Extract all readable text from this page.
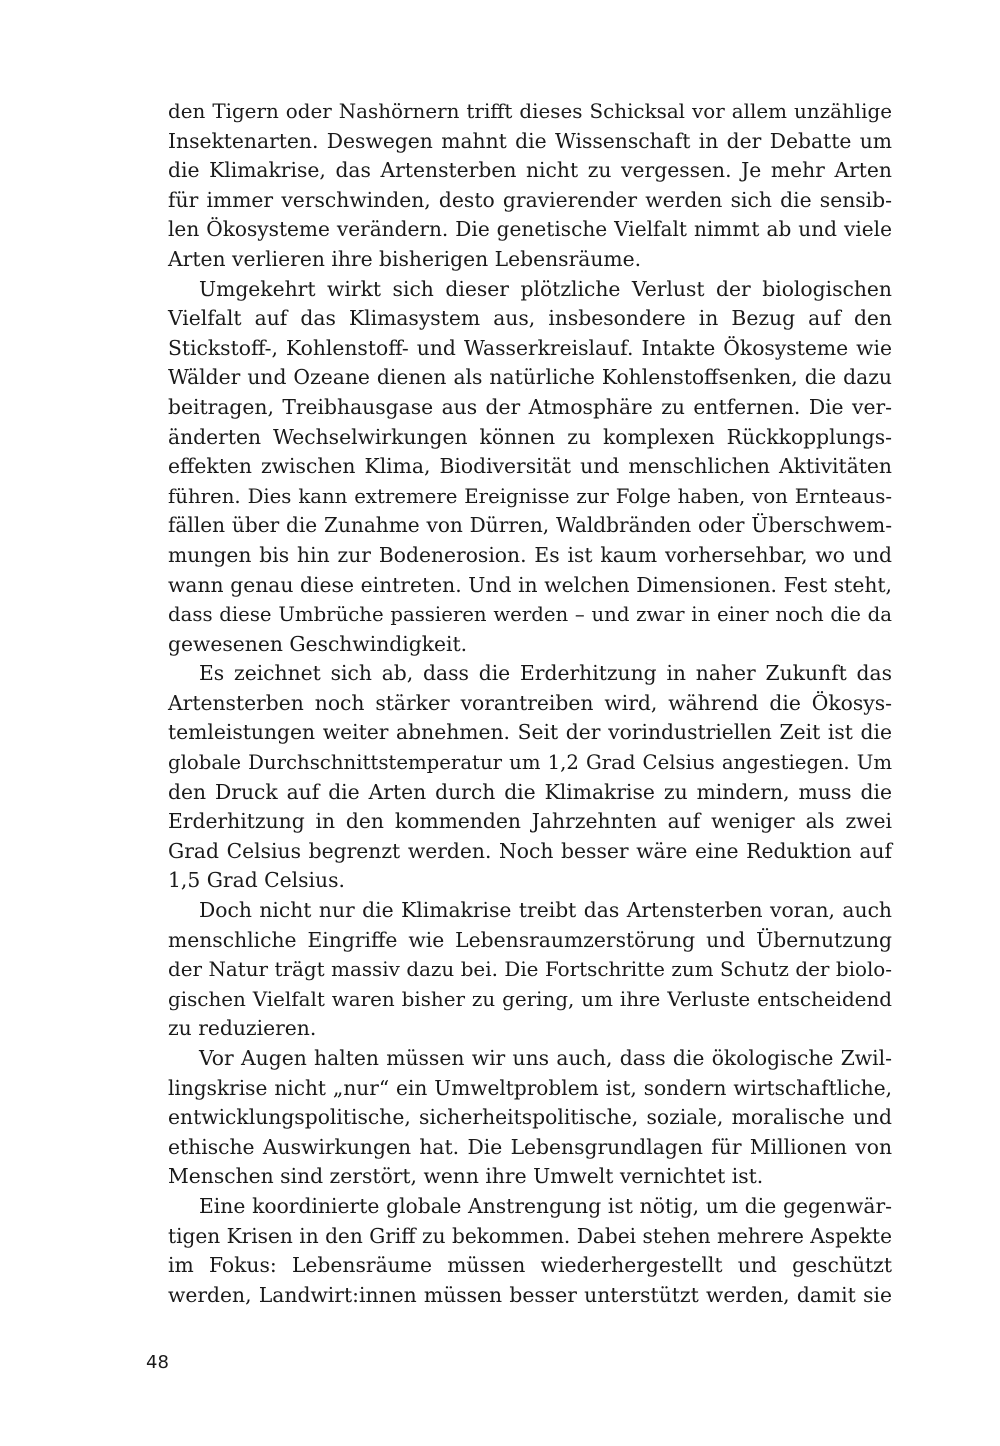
den Tigern oder Nashörnern trifft dieses Schicksal vor allem unzählige
Insektenarten. Deswegen mahnt die Wissenschaft in der Debatte um
die Klimakrise, das Artensterben nicht zu vergessen. Je mehr Arten
für immer verschwinden, desto gravierender werden sich die sensib-
len Ökosysteme verändern. Die genetische Vielfalt nimmt ab und viele
Arten verlieren ihre bisherigen Lebensräume.
Umgekehrt wirkt sich dieser plötzliche Verlust der biologischen
Vielfalt auf das Klimasystem aus, insbesondere in Bezug auf den
Stickstoff-, Kohlenstoff- und Wasserkreislauf. Intakte Ökosysteme wie
Wälder und Ozeane dienen als natürliche Kohlenstoffsenken, die dazu
beitragen, Treibhausgase aus der Atmosphäre zu entfernen. Die ver-
änderten Wechselwirkungen können zu komplexen Rückkopplungs-
effekten zwischen Klima, Biodiversität und menschlichen Aktivitäten
führen. Dies kann extremere Ereignisse zur Folge haben, von Ernteaus-
fällen über die Zunahme von Dürren, Waldbränden oder Überschwem-
mungen bis hin zur Bodenerosion. Es ist kaum vorhersehbar, wo und
wann genau diese eintreten. Und in welchen Dimensionen. Fest steht,
dass diese Umbrüche passieren werden – und zwar in einer noch die da
gewesenen Geschwindigkeit.
Es zeichnet sich ab, dass die Erderhitzung in naher Zukunft das
Artensterben noch stärker vorantreiben wird, während die Ökosys-
temleistungen weiter abnehmen. Seit der vorindustriellen Zeit ist die
globale Durchschnittstemperatur um 1,2 Grad Celsius angestiegen. Um
den Druck auf die Arten durch die Klimakrise zu mindern, muss die
Erderhitzung in den kommenden Jahrzehnten auf weniger als zwei
Grad Celsius begrenzt werden. Noch besser wäre eine Reduktion auf
1,5 Grad Celsius.
Doch nicht nur die Klimakrise treibt das Artensterben voran, auch
menschliche Eingriffe wie Lebensraumzerstörung und Übernutzung
der Natur trägt massiv dazu bei. Die Fortschritte zum Schutz der biolo-
gischen Vielfalt waren bisher zu gering, um ihre Verluste entscheidend
zu reduzieren.
Vor Augen halten müssen wir uns auch, dass die ökologische Zwil-
lingskrise nicht „nur“ ein Umweltproblem ist, sondern wirtschaftliche,
entwicklungspolitische, sicherheitspolitische, soziale, moralische und
ethische Auswirkungen hat. Die Lebensgrundlagen für Millionen von
Menschen sind zerstört, wenn ihre Umwelt vernichtet ist.
Eine koordinierte globale Anstrengung ist nötig, um die gegenwär-
tigen Krisen in den Griff zu bekommen. Dabei stehen mehrere Aspekte
im Fokus: Lebensräume müssen wiederhergestellt und geschützt
werden, Landwirt:innen müssen besser unterstützt werden, damit sie
48
